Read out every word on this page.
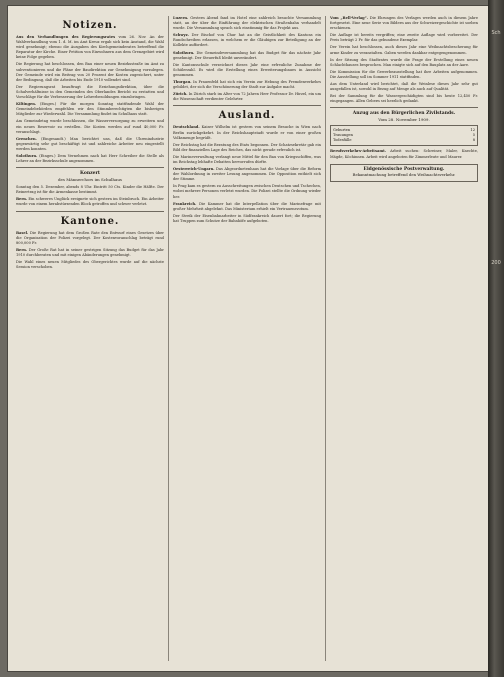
Notizen.
Aus den Verhandlungen des Regierungsrates vom 26. Nov. An der Wahlverhandlung vom 1. d. M. im Amt Kreuz ergab sich kein Anstand, die Wahl wird genehmigt; ebenso die Ausgaben des Kirchgemeinderates betreffend die Reparatur der Kirche. Einer Petition von Einwohnern aus dem Grenzgebiet wird keine Folge gegeben.
Die Regierung hat beschlossen, den Bau einer neuen Bezirksstraße im Amt zu subventionieren und die Pläne der Baudirektion zur Genehmigung vorzulegen. Der Gemeinde wird ein Beitrag von 20 Prozent der Kosten zugesichert, unter der Bedingung, daß die Arbeiten bis Ende 1910 vollendet sind.
Der Regierungsrat beauftragt die Erziehungsdirektion, über die Schulverhältnisse in den Gemeinden des Oberlandes Bericht zu erstatten und Vorschläge für die Verbesserung der Lehrerbesoldungen einzubringen.
Kiltingen. (Einges.) Für die morgen Sonntag stattfindende Wahl der Gemeindebehörden empfehlen wir den Stimmberechtigten die bisherigen Mitglieder zur Wiederwahl. Die Versammlung findet im Schulhaus statt.
Am Gemeindetag wurde beschlossen, die Wasserversorgung zu erweitern und ein neues Reservoir zu erstellen. Die Kosten werden auf rund 40,000 Fr. veranschlagt.
Grenchen. (Eingesandt.) Man berichtet uns, daß die Uhrenindustrie gegenwärtig sehr gut beschäftigt ist und zahlreiche Arbeiter neu eingestellt werden konnten.
Solothurn. (Einges.) Dem Vernehmen nach hat Herr Schreiber die Stelle als Lehrer an der Bezirksschule angenommen.
Konzert
des Männerchors im Schulhaus
Sonntag den 5. Dezember, abends 8 Uhr. Eintritt 50 Cts. Kinder die Hälfte. Der Reinertrag ist für die Armenkasse bestimmt.
Bern. Ein schweres Unglück ereignete sich gestern im Steinbruch. Ein Arbeiter wurde von einem herabstürzenden Block getroffen und schwer verletzt.
Kantone.
Basel. Die Regierung hat dem Großen Rate den Entwurf eines Gesetzes über die Organisation der Polizei vorgelegt. Der Kostenvoranschlag beträgt rund 800,000 Fr.
Bern. Der Große Rat hat in seiner gestrigen Sitzung das Budget für das Jahr 1910 durchberaten und mit einigen Abänderungen genehmigt.
Die Wahl eines neuen Mitgliedes des Obergerichtes wurde auf die nächste Session verschoben.
Luzern. Gestern Abend fand im Hotel eine zahlreich besuchte Versammlung statt, an der über die Einführung der elektrischen Straßenbahn verhandelt wurde. Die Versammlung sprach sich einstimmig für das Projekt aus.
Schwyz. Der Bischof von Chur hat an die Geistlichkeit des Kantons ein Rundschreiben erlassen, in welchem er die Gläubigen zur Beteiligung an der Kollekte auffordert.
Solothurn. Die Gemeindeversammlung hat das Budget für das nächste Jahr genehmigt. Der Steuerfuß bleibt unverändert.
Die Kantonsschule verzeichnet dieses Jahr eine erfreuliche Zunahme der Schülerzahl. Es wird die Erstellung eines Erweiterungsbaues in Aussicht genommen.
Thurgau. In Frauenfeld hat sich ein Verein zur Hebung des Fremdenverkehrs gebildet, der sich die Verschönerung der Stadt zur Aufgabe macht.
Zürich. In Zürich starb im Alter von 72 Jahren Herr Professor Dr. Hirzel, ein um die Wissenschaft verdienter Gelehrter.
Ausland.
Deutschland. Kaiser Wilhelm ist gestern von seinem Besuche in Wien nach Berlin zurückgekehrt. In der Reichshauptstadt wurde er von einer großen Volksmenge begrüßt.
Der Reichstag hat die Beratung des Etats begonnen. Der Schatzsekretär gab ein Bild der finanziellen Lage des Reiches, das nicht gerade erfreulich ist.
Die Marineverwaltung verlangt neue Mittel für den Bau von Kriegsschiffen, was im Reichstag lebhafte Debatten hervorrufen dürfte.
Oesterreich-Ungarn. Das Abgeordnetenhaus hat die Vorlage über die Reform der Wahlordnung in zweiter Lesung angenommen. Die Opposition enthielt sich der Stimme.
In Prag kam es gestern zu Ausschreitungen zwischen Deutschen und Tschechen, wobei mehrere Personen verletzt wurden. Die Polizei stellte die Ordnung wieder her.
Frankreich. Die Kammer hat die Interpellation über die Marinefrage mit großer Mehrheit abgelehnt. Das Ministerium erhielt ein Vertrauensvotum.
Der Streik der Eisenbahnarbeiter in Südfrankreich dauert fort; die Regierung hat Truppen zum Schutze der Bahnhöfe aufgeboten.
Vom „Bell-Verlag“. Die Ehrungen des Verlages werden auch in diesem Jahre fortgesetzt. Eine neue Serie von Bildern aus der Schweizergeschichte ist soeben erschienen.
Die Auflage ist bereits vergriffen; eine zweite Auflage wird vorbereitet. Der Preis beträgt 2 Fr. für das gebundene Exemplar.
Der Verein hat beschlossen, auch dieses Jahr eine Weihnachtsbescherung für arme Kinder zu veranstalten. Gaben werden dankbar entgegengenommen.
In der Sitzung des Stadtrates wurde die Frage der Erstellung eines neuen Schlachthauses besprochen. Man einigte sich auf den Bauplatz an der Aare.
Die Kommission für die Gewerbeausstellung hat ihre Arbeiten aufgenommen. Die Ausstellung soll im Sommer 1911 stattfinden.
Aus dem Unterland wird berichtet, daß die Weinlese dieses Jahr sehr gut ausgefallen ist, sowohl in Bezug auf Menge als auch auf Qualität.
Bei der Sammlung für die Wassergeschädigten sind bis heute 12,450 Fr. eingegangen. Allen Gebern sei herzlich gedankt.
Anzug aus den Bürgerlichen Zivilstands.
Vom 28. November 1909.
Geburten	12
Trauungen	5
Todesfälle	8
Berufsverkehrs-Arbeitsamt. Arbeit suchen: Schreiner, Maler, Knechte, Mägde, Köchinnen. Arbeit wird angeboten für Zimmerleute und Maurer.
Eidgenössische Postverwaltung.
Bekanntmachung betreffend den Weihnachtsverkehr.
Sch
200
